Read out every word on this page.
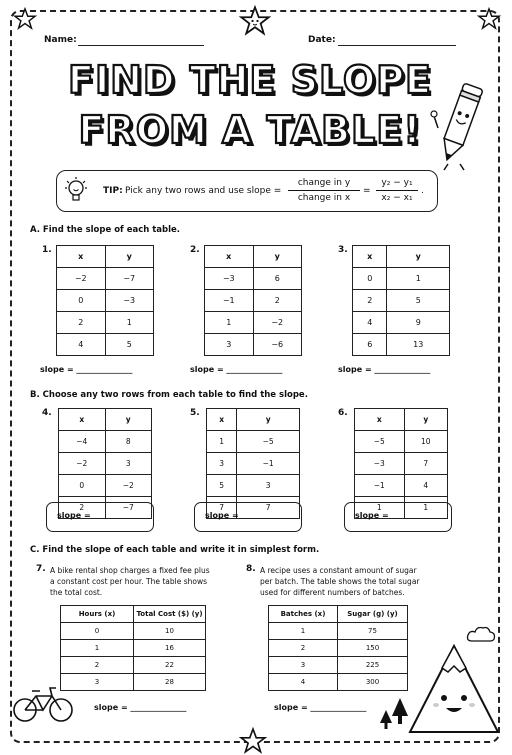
Name:	Date:
FIND THE SLOPE
FROM A TABLE!
TIP: Pick any two rows and use slope =
change in y
change in x
=
y₂ − y₁
x₂ − x₁
.
A. Find the slope of each table.
1.
x	y
−2	−7
0	−3
2	1
4	5
slope = ______________
2.
x	y
−3	6
−1	2
1	−2
3	−6
slope = ______________
3.
x	y
0	1
2	5
4	9
6	13
slope = ______________
B. Choose any two rows from each table to find the slope.
4.
x	y
−4	8
−2	3
0	−2
2	−7
slope =
5.
x	y
1	−5
3	−1
5	3
7	7
slope =
6.
x	y
−5	10
−3	7
−1	4
1	1
slope =
C. Find the slope of each table and write it in simplest form.
7. A bike rental shop charges a fixed fee plus
a constant cost per hour. The table shows
the total cost.
Hours (x)	Total Cost ($) (y)
0	10
1	16
2	22
3	28
slope = ______________
8. A recipe uses a constant amount of sugar
per batch. The table shows the total sugar
used for different numbers of batches.
Batches (x)	Sugar (g) (y)
1	75
2	150
3	225
4	300
slope = ______________
